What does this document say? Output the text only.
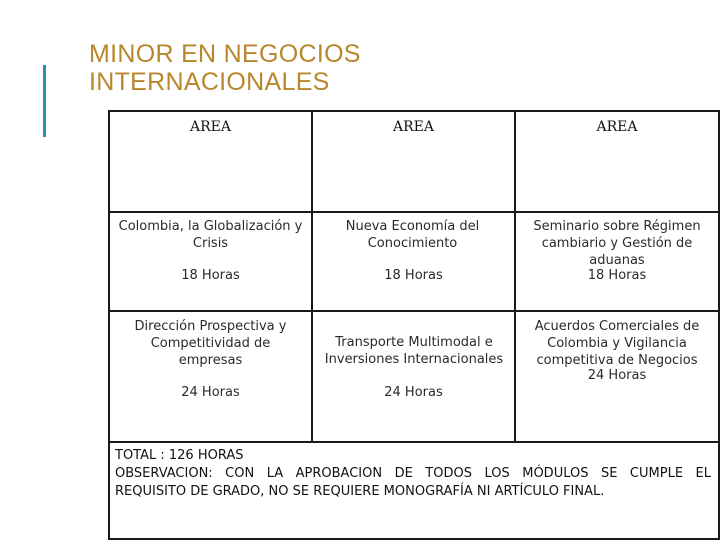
MINOR EN NEGOCIOS
INTERNACIONALES
AREA	AREA	AREA
Colombia, la Globalización y Crisis
18 Horas
Nueva Economía del Conocimiento
18 Horas
Seminario sobre Régimen cambiario y Gestión de aduanas
18 Horas
Dirección Prospectiva y Competitividad de empresas
24 Horas
Transporte Multimodal e Inversiones Internacionales
24 Horas
Acuerdos Comerciales de Colombia y Vigilancia competitiva de Negocios
24 Horas
TOTAL : 126 HORAS
OBSERVACION: CON LA APROBACION DE TODOS LOS MÓDULOS SE CUMPLE EL
REQUISITO DE GRADO, NO SE REQUIERE MONOGRAFÍA NI ARTÍCULO FINAL.
